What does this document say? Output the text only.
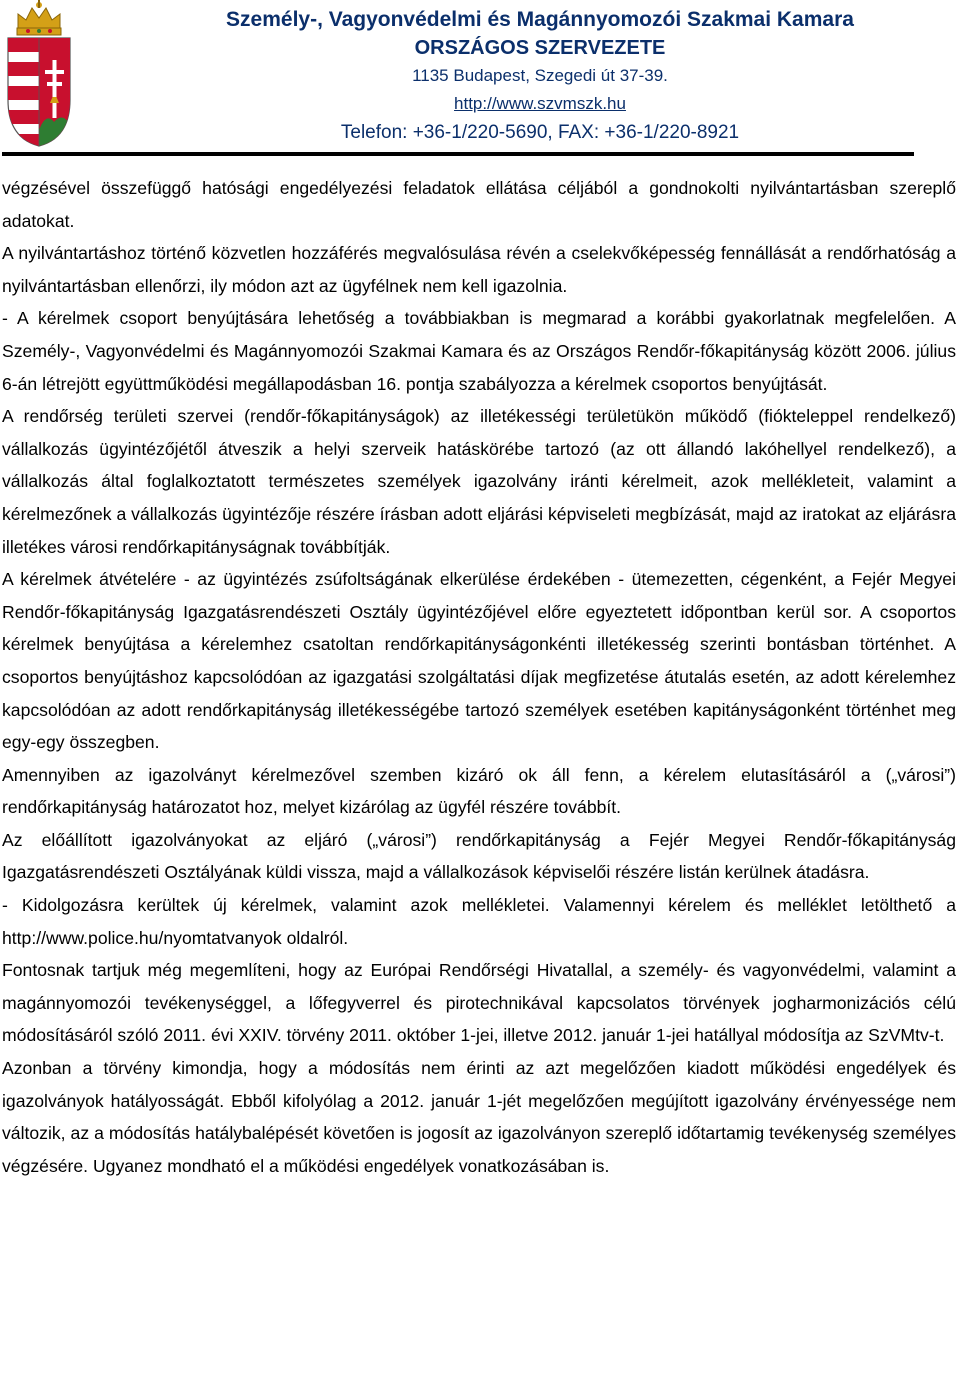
Személy-, Vagyonvédelmi és Magánnyomozói Szakmai Kamara
ORSZÁGOS SZERVEZETE
1135 Budapest, Szegedi út 37-39.
http://www.szvmszk.hu
Telefon: +36-1/220-5690, FAX: +36-1/220-8921

végzésével összefüggő hatósági engedélyezési feladatok ellátása céljából a gondnokolti nyilvántartásban szereplő adatokat.

A nyilvántartáshoz történő közvetlen hozzáférés megvalósulása révén a cselekvőképesség fennállását a rendőrhatóság a nyilvántartásban ellenőrzi, ily módon azt az ügyfélnek nem kell igazolnia.

- A kérelmek csoport benyújtására lehetőség a továbbiakban is megmarad a korábbi gyakorlatnak megfelelően. A Személy-, Vagyonvédelmi és Magánnyomozói Szakmai Kamara és az Országos Rendőr-főkapitányság között 2006. július 6-án létrejött együttműködési megállapodásban 16. pontja szabályozza a kérelmek csoportos benyújtását.

A rendőrség területi szervei (rendőr-főkapitányságok) az illetékességi területükön működő (fiókteleppel rendelkező) vállalkozás ügyintézőjétől átveszik a helyi szerveik hatáskörébe tartozó (az ott állandó lakóhellyel rendelkező), a vállalkozás által foglalkoztatott természetes személyek igazolvány iránti kérelmeit, azok mellékleteit, valamint a kérelmezőnek a vállalkozás ügyintézője részére írásban adott eljárási képviseleti megbízását, majd az iratokat az eljárásra illetékes városi rendőrkapitányságnak továbbítják.

A kérelmek átvételére - az ügyintézés zsúfoltságának elkerülése érdekében - ütemezetten, cégenként, a Fejér Megyei Rendőr-főkapitányság Igazgatásrendészeti Osztály ügyintézőjével előre egyeztetett időpontban kerül sor. A csoportos kérelmek benyújtása a kérelemhez csatoltan rendőrkapitányságonkénti illetékesség szerinti bontásban történhet. A csoportos benyújtáshoz kapcsolódóan az igazgatási szolgáltatási díjak megfizetése átutalás esetén, az adott kérelemhez kapcsolódóan az adott rendőrkapitányság illetékességébe tartozó személyek esetében kapitányságonként történhet meg egy-egy összegben.

Amennyiben az igazolványt kérelmezővel szemben kizáró ok áll fenn, a kérelem elutasításáról a („városi”) rendőrkapitányság határozatot hoz, melyet kizárólag az ügyfél részére továbbít.

Az előállított igazolványokat az eljáró („városi”) rendőrkapitányság a Fejér Megyei Rendőr-főkapitányság Igazgatásrendészeti Osztályának küldi vissza, majd a vállalkozások képviselői részére listán kerülnek átadásra.

- Kidolgozásra kerültek új kérelmek, valamint azok mellékletei. Valamennyi kérelem és melléklet letölthető a http://www.police.hu/nyomtatvanyok oldalról.

Fontosnak tartjuk még megemlíteni, hogy az Európai Rendőrségi Hivatallal, a személy- és vagyonvédelmi, valamint a magánnyomozói tevékenységgel, a lőfegyverrel és pirotechnikával kapcsolatos törvények jogharmonizációs célú módosításáról szóló 2011. évi XXIV. törvény 2011. október 1-jei, illetve 2012. január 1-jei hatállyal módosítja az SzVMtv-t.

Azonban a törvény kimondja, hogy a módosítás nem érinti az azt megelőzően kiadott működési engedélyek és igazolványok hatályosságát. Ebből kifolyólag a 2012. január 1-jét megelőzően megújított igazolvány érvényessége nem változik, az a módosítás hatálybalépését követően is jogosít az igazolványon szereplő időtartamig tevékenység személyes végzésére. Ugyanez mondható el a működési engedélyek vonatkozásában is.
